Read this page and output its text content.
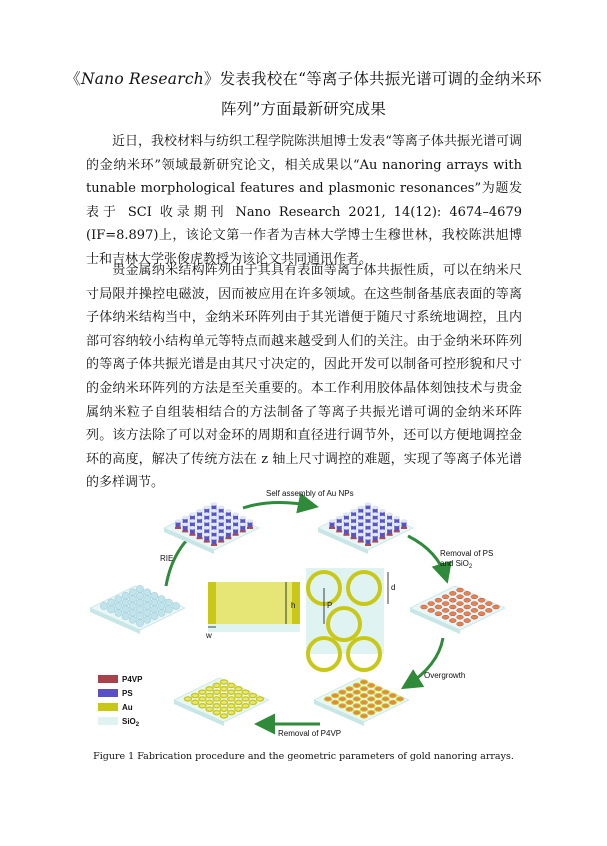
《Nano Research》发表我校在“等离子体共振光谱可调的金纳米环阵列”方面最新研究成果
近日，我校材料与纺织工程学院陈洪旭博士发表“等离子体共振光谱可调的金纳米环”领域最新研究论文，相关成果以“Au nanoring arrays with tunable morphological features and plasmonic resonances”为题发表于 SCI 收录期刊 Nano Research 2021, 14(12): 4674–4679 (IF=8.897)上，该论文第一作者为吉林大学博士生穆世林，我校陈洪旭博士和吉林大学张俊虎教授为该论文共同通讯作者。
贵金属纳米结构阵列由于其具有表面等离子体共振性质，可以在纳米尺寸局限并操控电磁波，因而被应用在许多领域。在这些制备基底表面的等离子体纳米结构当中，金纳米环阵列由于其光谱便于随尺寸系统地调控，且内部可容纳较小结构单元等特点而越来越受到人们的关注。由于金纳米环阵列的等离子体共振光谱是由其尺寸决定的，因此开发可以制备可控形貌和尺寸的金纳米环阵列的方法是至关重要的。本工作利用胶体晶体刻蚀技术与贵金属纳米粒子自组装相结合的方法制备了等离子共振光谱可调的金纳米环阵列。该方法除了可以对金环的周期和直径进行调节外，还可以方便地调控金环的高度，解决了传统方法在 z 轴上尺寸调控的难题，实现了等离子体光谱的多样调节。
Self assembly of Au NPs
RIE
Removal of PS
and SiO$_2$
Overgrowth
Removal of P4VP
h
w
P
d
P4VP
PS
Au
SiO$_2$
Figure 1 Fabrication procedure and the geometric parameters of gold nanoring arrays.
